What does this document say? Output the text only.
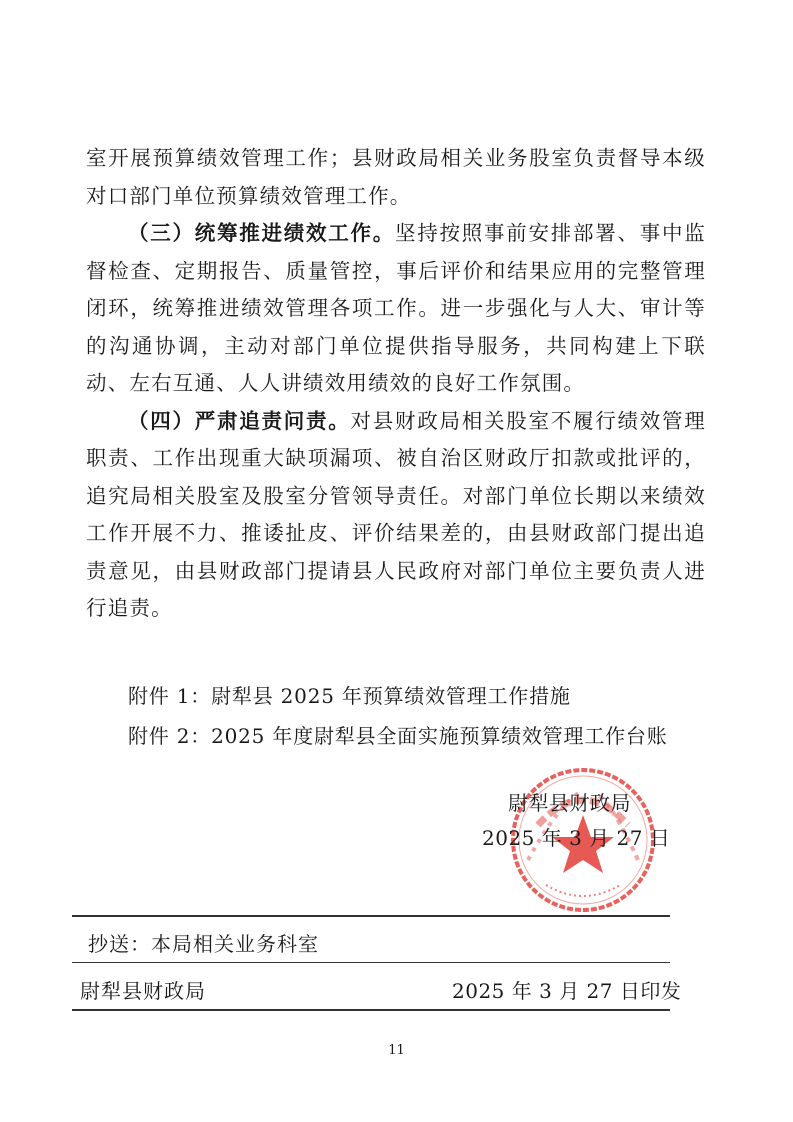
室开展预算绩效管理工作；县财政局相关业务股室负责督导本级对口部门单位预算绩效管理工作。

（三）统筹推进绩效工作。坚持按照事前安排部署、事中监督检查、定期报告、质量管控，事后评价和结果应用的完整管理闭环，统筹推进绩效管理各项工作。进一步强化与人大、审计等的沟通协调，主动对部门单位提供指导服务，共同构建上下联动、左右互通、人人讲绩效用绩效的良好工作氛围。

（四）严肃追责问责。对县财政局相关股室不履行绩效管理职责、工作出现重大缺项漏项、被自治区财政厅扣款或批评的，追究局相关股室及股室分管领导责任。对部门单位长期以来绩效工作开展不力、推诿扯皮、评价结果差的，由县财政部门提出追责意见，由县财政部门提请县人民政府对部门单位主要负责人进行追责。

附件 1：尉犁县 2025 年预算绩效管理工作措施
附件 2：2025 年度尉犁县全面实施预算绩效管理工作台账
尉犁县财政局
2025 年 3 月 27 日
抄送：本局相关业务科室
尉犁县财政局	2025 年 3 月 27 日印发
11
